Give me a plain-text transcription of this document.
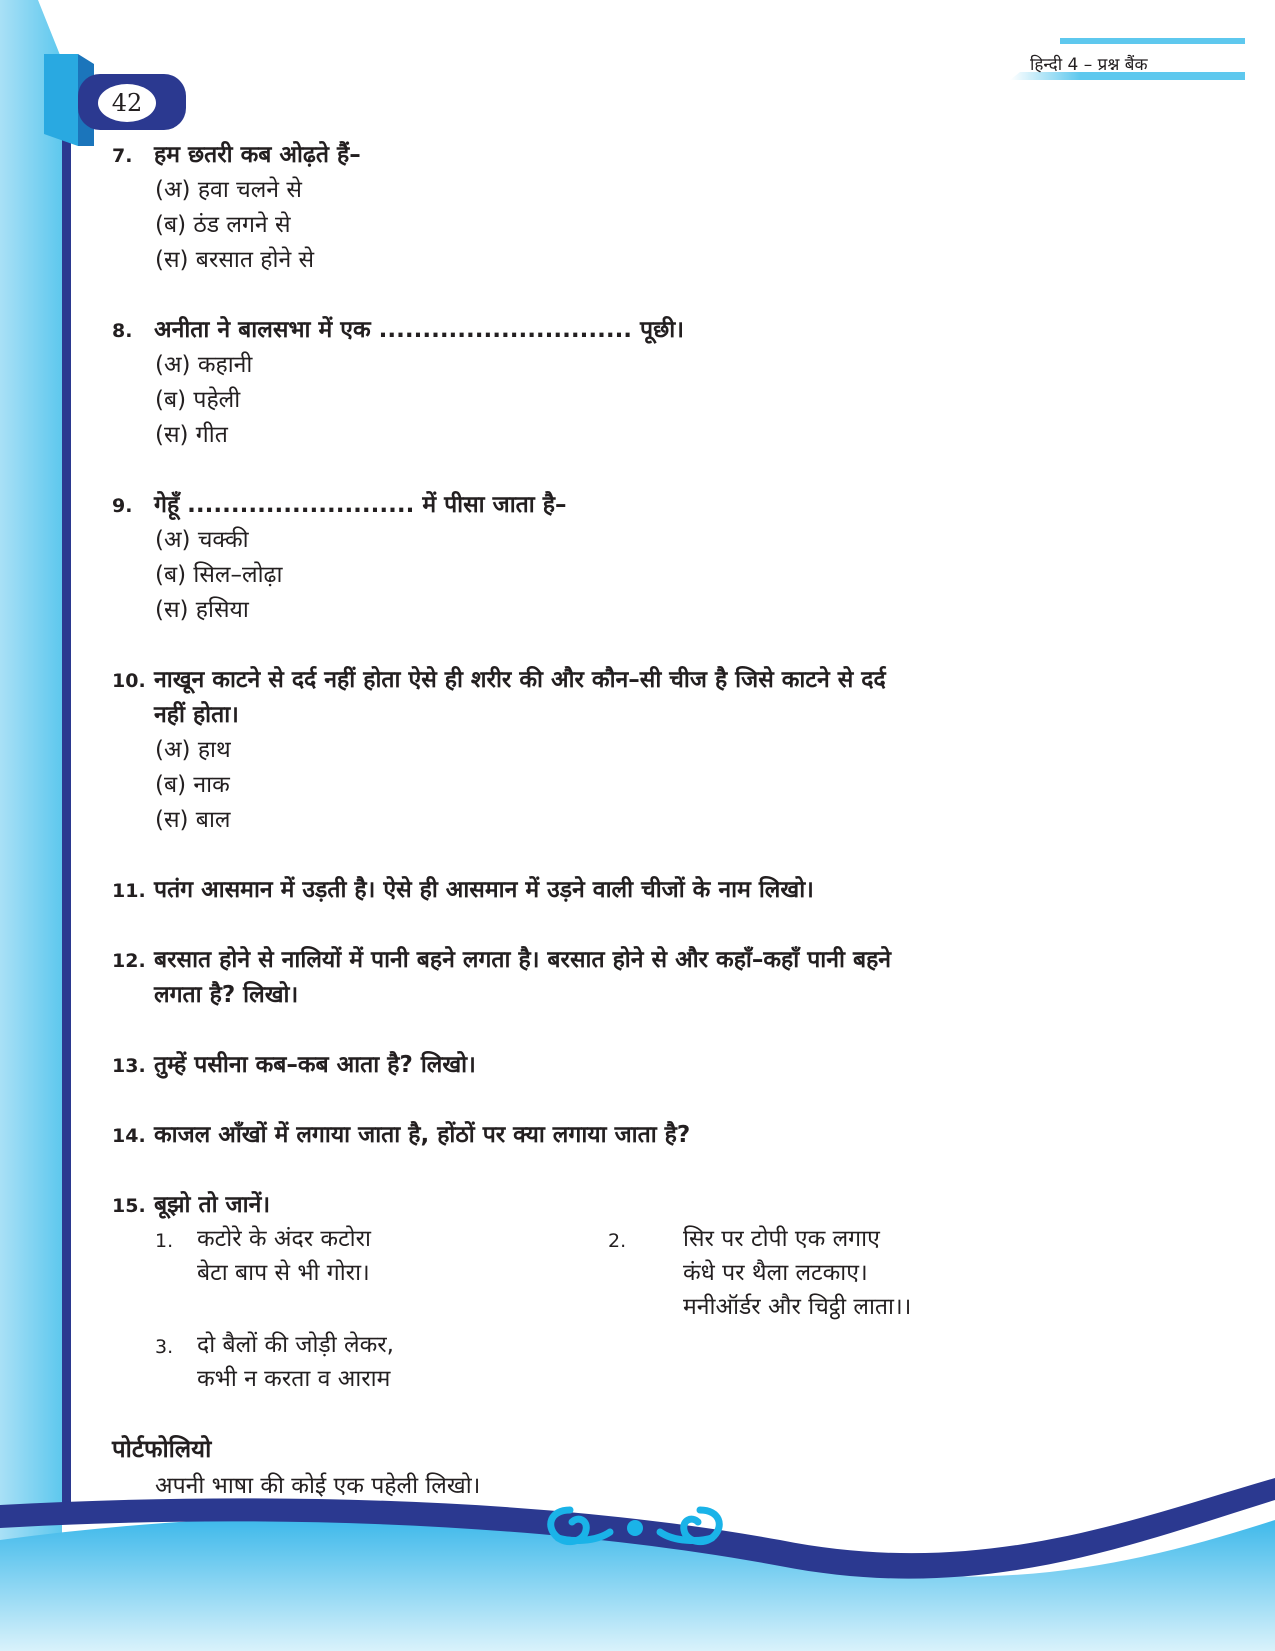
हिन्दी 4 – प्रश्न बैंक
42
7. हम छतरी कब ओढ़ते हैं–
(अ) हवा चलने से
(ब) ठंड लगने से
(स) बरसात होने से
8. अनीता ने बालसभा में एक ............................. पूछी।
(अ) कहानी
(ब) पहेली
(स) गीत
9. गेहूँ .......................... में पीसा जाता है–
(अ) चक्की
(ब) सिल–लोढ़ा
(स) हसिया
10. नाखून काटने से दर्द नहीं होता ऐसे ही शरीर की और कौन–सी चीज है जिसे काटने से दर्द
नहीं होता।
(अ) हाथ
(ब) नाक
(स) बाल
11. पतंग आसमान में उड़ती है। ऐसे ही आसमान में उड़ने वाली चीजों के नाम लिखो।
12. बरसात होने से नालियों में पानी बहने लगता है। बरसात होने से और कहाँ–कहाँ पानी बहने
लगता है? लिखो।
13. तुम्हें पसीना कब–कब आता है? लिखो।
14. काजल आँखों में लगाया जाता है, होंठों पर क्या लगाया जाता है?
15. बूझो तो जानें।
1. कटोरे के अंदर कटोरा
बेटा बाप से भी गोरा।
2. सिर पर टोपी एक लगाए
कंधे पर थैला लटकाए।
मनीऑर्डर और चिट्ठी लाता।।
3. दो बैलों की जोड़ी लेकर,
कभी न करता व आराम
पोर्टफोलियो
अपनी भाषा की कोई एक पहेली लिखो।
